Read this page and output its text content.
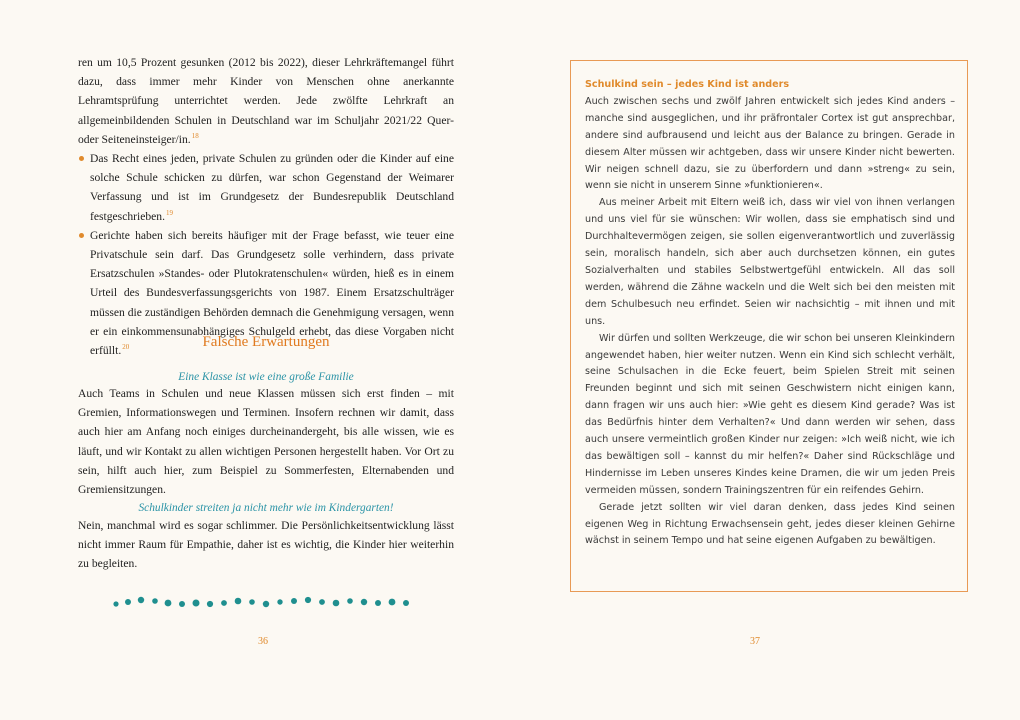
ren um 10,5 Prozent gesunken (2012 bis 2022), dieser Lehrkräftemangel führt dazu, dass immer mehr Kinder von Menschen ohne anerkannte Lehramtsprüfung unterrichtet werden. Jede zwölfte Lehrkraft an allgemeinbildenden Schulen in Deutschland war im Schuljahr 2021/22 Quer- oder Seiteneinsteiger/in.$^{18}$

Das Recht eines jeden, private Schulen zu gründen oder die Kinder auf eine solche Schule schicken zu dürfen, war schon Gegenstand der Weimarer Verfassung und ist im Grundgesetz der Bundesrepublik Deutschland festgeschrieben.$^{19}$
Gerichte haben sich bereits häufiger mit der Frage befasst, wie teuer eine Privatschule sein darf. Das Grundgesetz solle verhindern, dass private Ersatzschulen »Standes- oder Plutokratenschulen« würden, hieß es in einem Urteil des Bundesverfassungsgerichts von 1987. Einem Ersatzschulträger müssen die zuständigen Behörden demnach die Genehmigung versagen, wenn er ein einkommensunabhängiges Schulgeld erhebt, das diese Vorgaben nicht erfüllt.$^{20}$	Falsche Erwartungen

Eine Klasse ist wie eine große Familie

Auch Teams in Schulen und neue Klassen müssen sich erst finden – mit Gremien, Informationswegen und Terminen. Insofern rechnen wir damit, dass auch hier am Anfang noch einiges durcheinandergeht, bis alle wissen, wie es läuft, und wir Kontakt zu allen wichtigen Personen hergestellt haben. Vor Ort zu sein, hilft auch hier, zum Beispiel zu Sommerfesten, Elternabenden und Gremiensitzungen.

Schulkinder streiten ja nicht mehr wie im Kindergarten!

Nein, manchmal wird es sogar schlimmer. Die Persönlichkeitsentwicklung lässt nicht immer Raum für Empathie, daher ist es wichtig, die Kinder hier weiterhin zu begleiten.

36

Schulkind sein – jedes Kind ist anders

Auch zwischen sechs und zwölf Jahren entwickelt sich jedes Kind anders – manche sind ausgeglichen, und ihr präfrontaler Cortex ist gut ansprechbar, andere sind aufbrausend und leicht aus der Balance zu bringen. Gerade in diesem Alter müssen wir achtgeben, dass wir unsere Kinder nicht bewerten. Wir neigen schnell dazu, sie zu überfordern und dann »streng« zu sein, wenn sie nicht in unserem Sinne »funktionieren«.

Aus meiner Arbeit mit Eltern weiß ich, dass wir viel von ihnen verlangen und uns viel für sie wünschen: Wir wollen, dass sie emphatisch sind und Durchhaltevermögen zeigen, sie sollen eigenverantwortlich und zuverlässig sein, moralisch handeln, sich aber auch durchsetzen können, ein gutes Sozialverhalten und stabiles Selbstwertgefühl entwickeln. All das soll werden, während die Zähne wackeln und die Welt sich bei den meisten mit dem Schulbesuch neu erfindet. Seien wir nachsichtig – mit ihnen und mit uns.

Wir dürfen und sollten Werkzeuge, die wir schon bei unseren Kleinkindern angewendet haben, hier weiter nutzen. Wenn ein Kind sich schlecht verhält, seine Schulsachen in die Ecke feuert, beim Spielen Streit mit seinen Freunden beginnt und sich mit seinen Geschwistern nicht einigen kann, dann fragen wir uns auch hier: »Wie geht es diesem Kind gerade? Was ist das Bedürfnis hinter dem Verhalten?« Und dann werden wir sehen, dass auch unsere vermeintlich großen Kinder nur zeigen: »Ich weiß nicht, wie ich das bewältigen soll – kannst du mir helfen?« Daher sind Rückschläge und Hindernisse im Leben unseres Kindes keine Dramen, die wir um jeden Preis vermeiden müssen, sondern Trainingszentren für ein reifendes Gehirn.

Gerade jetzt sollten wir viel daran denken, dass jedes Kind seinen eigenen Weg in Richtung Erwachsensein geht, jedes dieser kleinen Gehirne wächst in seinem Tempo und hat seine eigenen Aufgaben zu bewältigen.

37
